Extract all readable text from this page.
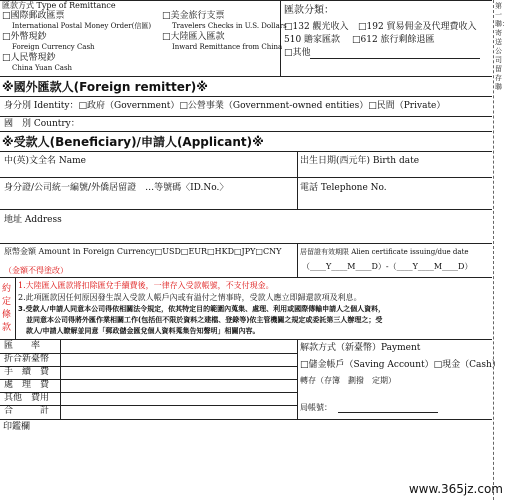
匯款方式 Type of Remittance
□國際郵政匯票
International Postal Money Order(信匯)
□外幣現鈔
Foreign Currency Cash
□人民幣現鈔
China Yuan Cash
□美金旅行支票
Travelers Checks in U.S. Dollars
□大陸匯入匯款
Inward Remittance from China
匯款分類：
□132 觀光收入 □192 貿易佣金及代理費收入
510 贍家匯款 □612 旅行剩餘退匯
□其他
※國外匯款人(Foreign remitter)※
身分別 Identity：□政府（Government）□公營事業（Government-owned entities）□民間（Private）
國　別 Country：
※受款人(Beneficiary)/申請人(Applicant)※
中(英)文全名 Name	出生日期(西元年) Birth date
身分證/公司統一編號/外僑居留證　…等號碼〈ID.No.〉	電話 Telephone No.
地址 Address
原幣金額 Amount in Foreign Currency□USD□EUR□HKD□JPY□CNY
（金額不得塗改）
居留證有效期限 Alien certificate issuing/due date
（____Y____M____D）-（____Y____M____D）
約定條款
1.大陸匯入匯款將扣除匯兌手續費後，一律存入受款帳號，不支付現金。
2.此項匯款因任何原因發生誤入受款人帳戶內或有溢付之情事時，受款人應立即歸還款項及利息。
3.受款人/申請人同意本公司得依相關法令規定，依其特定目的範圍內蒐集、處理、利用或國際傳輸申請人之個人資料，
並同意本公司得將外匯作業相關工作(包括但不限於資料之建檔、登錄等)依主管機關之規定或委託第三人辦理之；受
款人/申請人瞭解並同意「郵政儲金匯兌個人資料蒐集告知聲明」相關內容。
匯　　率
折合新臺幣
手　續　費
處　理　費
其他　費用
合　　　計
解款方式（新臺幣）Payment
□儲金帳戶（Saving Account）□現金（Cash）
轉存（存簿　劃撥　定期）
局帳號：
印鑑欄
第一聯：寄送公司留存聯
www.365jz.com
